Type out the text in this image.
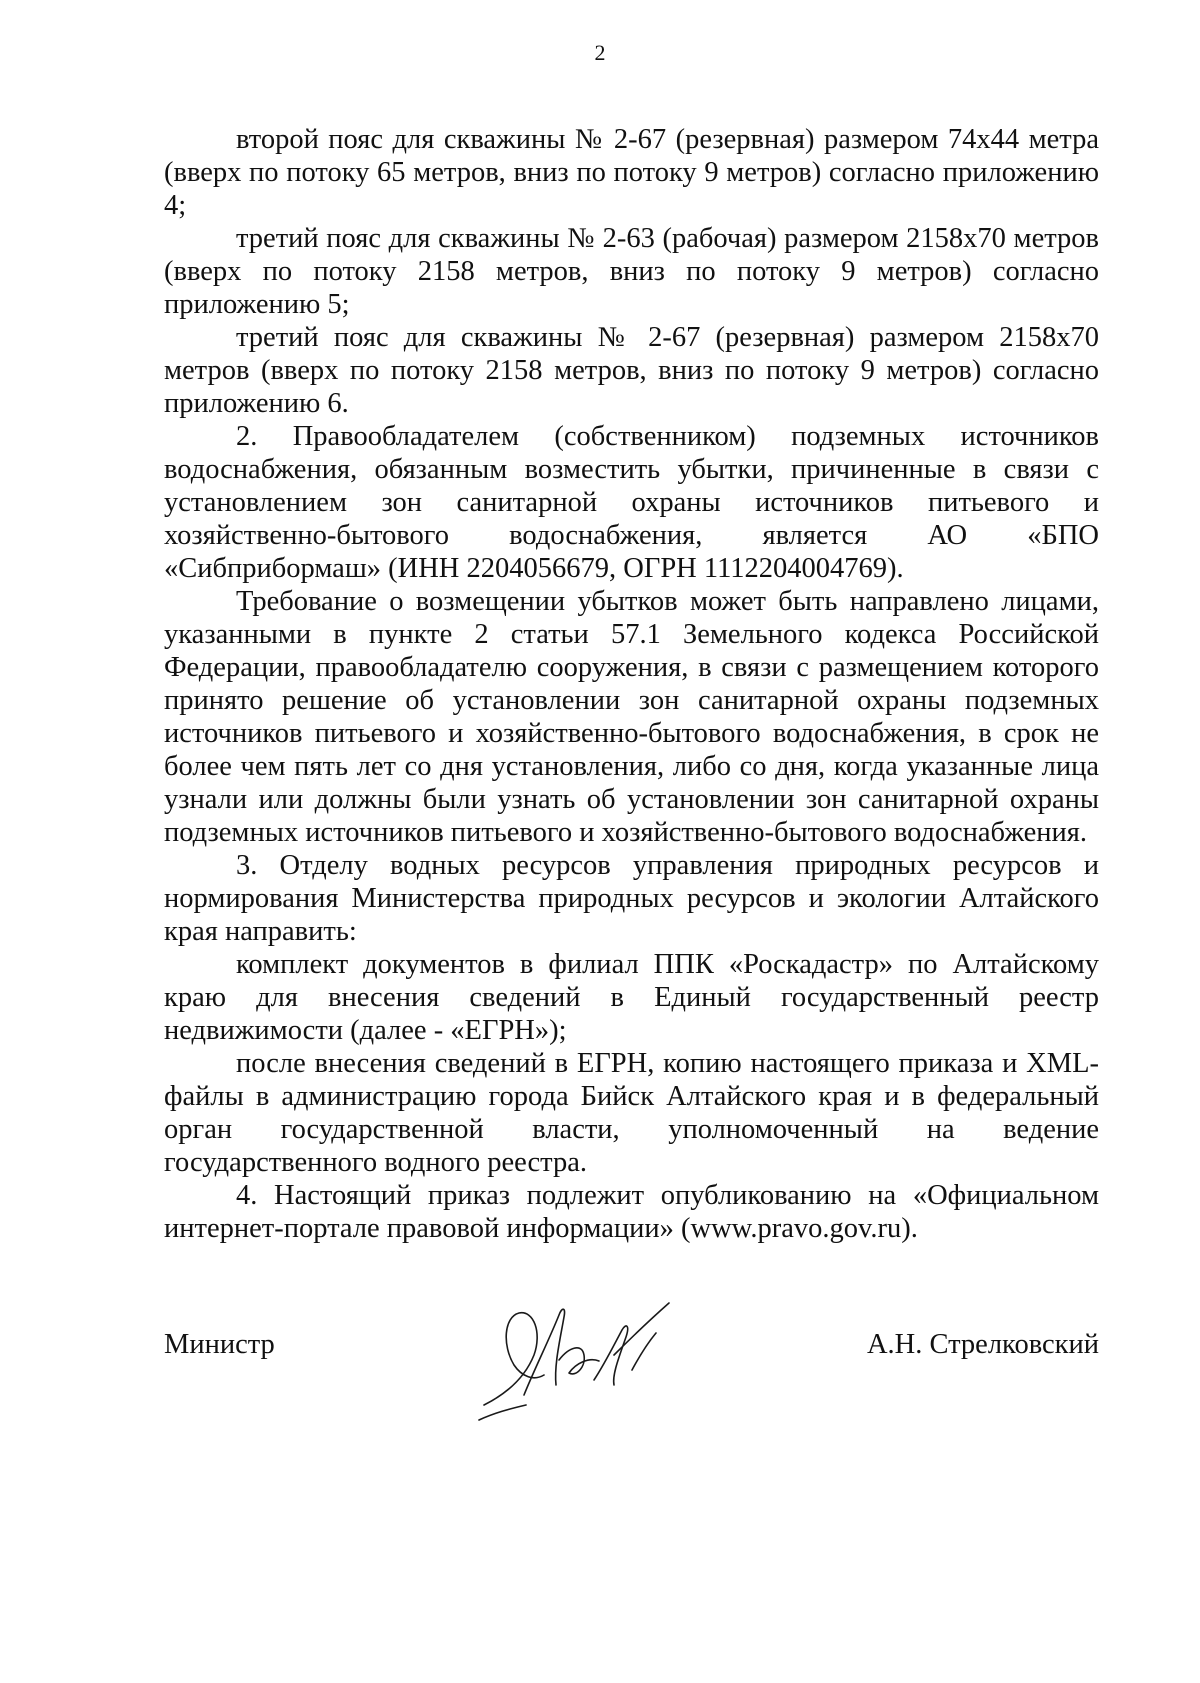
2

второй пояс для скважины № 2-67 (резервная) размером 74х44 метра (вверх по потоку 65 метров, вниз по потоку 9 метров) согласно приложению 4;

третий пояс для скважины № 2-63 (рабочая) размером 2158х70 метров (вверх по потоку 2158 метров, вниз по потоку 9 метров) согласно приложению 5;

третий пояс для скважины № 2-67 (резервная) размером 2158х70 метров (вверх по потоку 2158 метров, вниз по потоку 9 метров) согласно приложению 6.

2. Правообладателем (собственником) подземных источников водоснабжения, обязанным возместить убытки, причиненные в связи с установлением зон санитарной охраны источников питьевого и хозяйственно-бытового водоснабжения, является АО «БПО «Сибприбормаш» (ИНН 2204056679, ОГРН 1112204004769).

Требование о возмещении убытков может быть направлено лицами, указанными в пункте 2 статьи 57.1 Земельного кодекса Российской Федерации, правообладателю сооружения, в связи с размещением которого принято решение об установлении зон санитарной охраны подземных источников питьевого и хозяйственно-бытового водоснабжения, в срок не более чем пять лет со дня установления, либо со дня, когда указанные лица узнали или должны были узнать об установлении зон санитарной охраны подземных источников питьевого и хозяйственно-бытового водоснабжения.

3. Отделу водных ресурсов управления природных ресурсов и нормирования Министерства природных ресурсов и экологии Алтайского края направить:

комплект документов в филиал ППК «Роскадастр» по Алтайскому краю для внесения сведений в Единый государственный реестр недвижимости (далее - «ЕГРН»);

после внесения сведений в ЕГРН, копию настоящего приказа и XML-файлы в администрацию города Бийск Алтайского края и в федеральный орган государственной власти, уполномоченный на ведение государственного водного реестра.

4. Настоящий приказ подлежит опубликованию на «Официальном интернет-портале правовой информации» (www.pravo.gov.ru).

Министр	А.Н. Стрелковский
